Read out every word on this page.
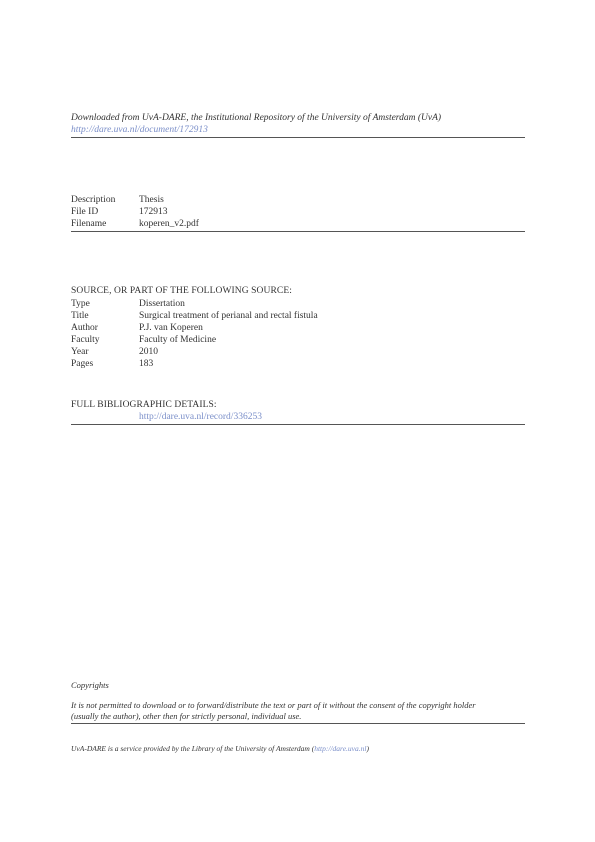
Downloaded from UvA-DARE, the Institutional Repository of the University of Amsterdam (UvA)
http://dare.uva.nl/document/172913
Description Thesis
File ID	172913
Filename	koperen_v2.pdf
SOURCE, OR PART OF THE FOLLOWING SOURCE:
Type	Dissertation
Title	Surgical treatment of perianal and rectal fistula
Author	P.J. van Koperen
Faculty	Faculty of Medicine
Year	2010
Pages	183
FULL BIBLIOGRAPHIC DETAILS:
http://dare.uva.nl/record/336253
Copyrights
It is not permitted to download or to forward/distribute the text or part of it without the consent of the copyright holder
(usually the author), other then for strictly personal, individual use.
UvA-DARE is a service provided by the Library of the University of Amsterdam (http://dare.uva.nl)
